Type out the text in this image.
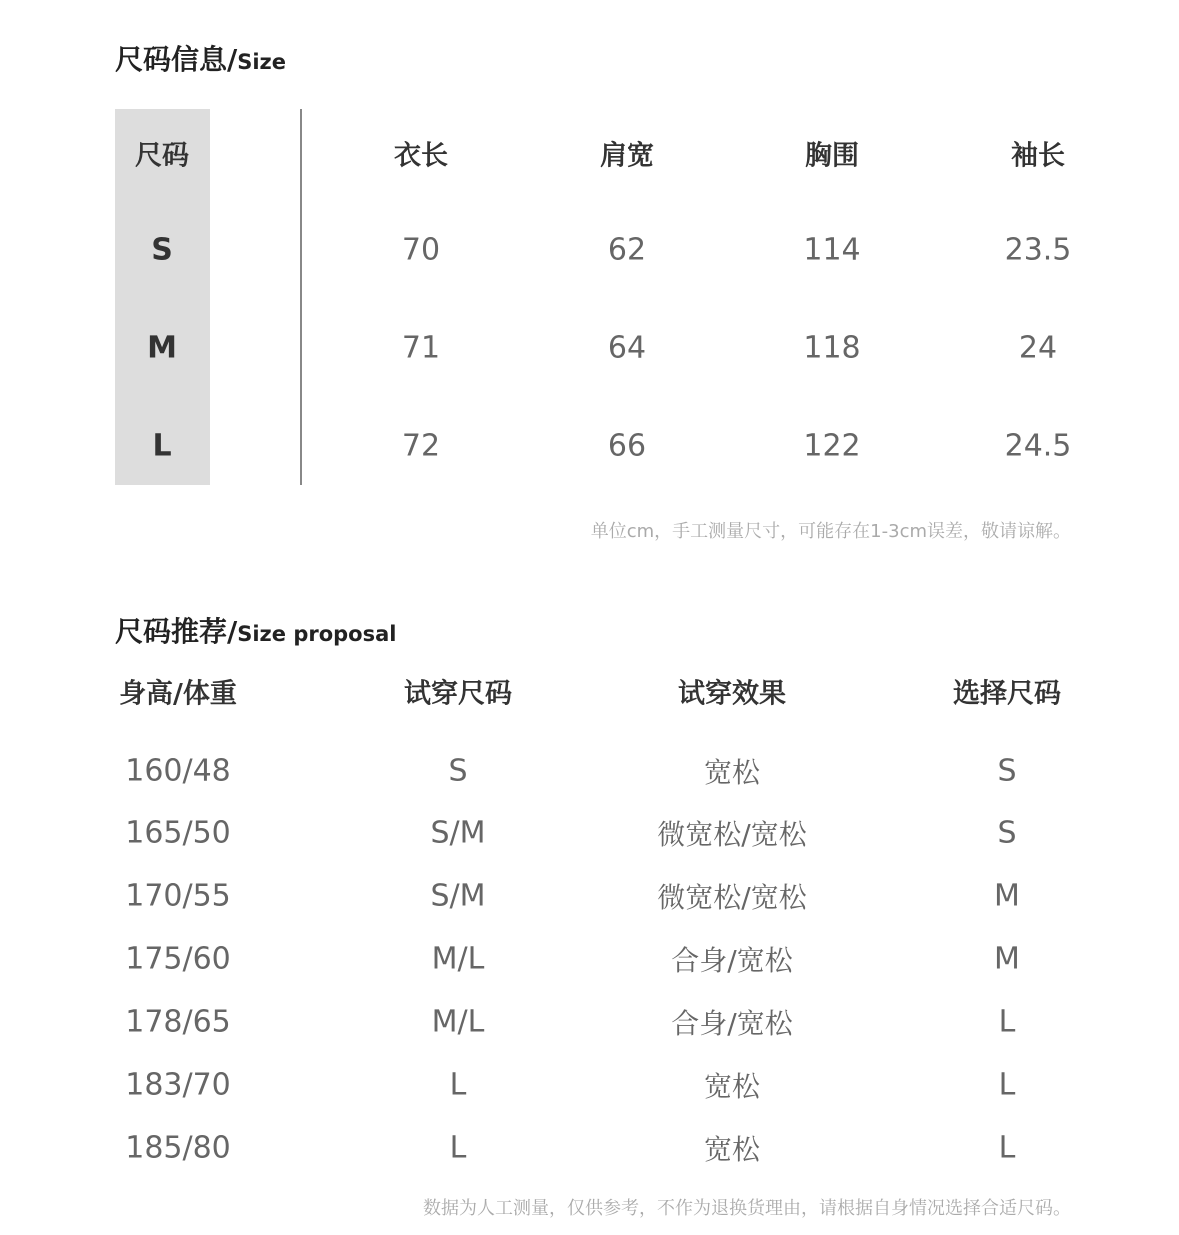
尺码信息/Size
尺码	衣长	肩宽	胸围	袖长
S	70	62	114	23.5
M	71	64	118	24
L	72	66	122	24.5
单位cm，手工测量尺寸，可能存在1-3cm误差，敬请谅解。
尺码推荐/Size proposal
身高/体重	试穿尺码	试穿效果	选择尺码
160/48	S	宽松	S
165/50	S/M	微宽松/宽松	S
170/55	S/M	微宽松/宽松	M
175/60	M/L	合身/宽松	M
178/65	M/L	合身/宽松	L
183/70	L	宽松	L
185/80	L	宽松	L
数据为人工测量，仅供参考，不作为退换货理由，请根据自身情况选择合适尺码。
